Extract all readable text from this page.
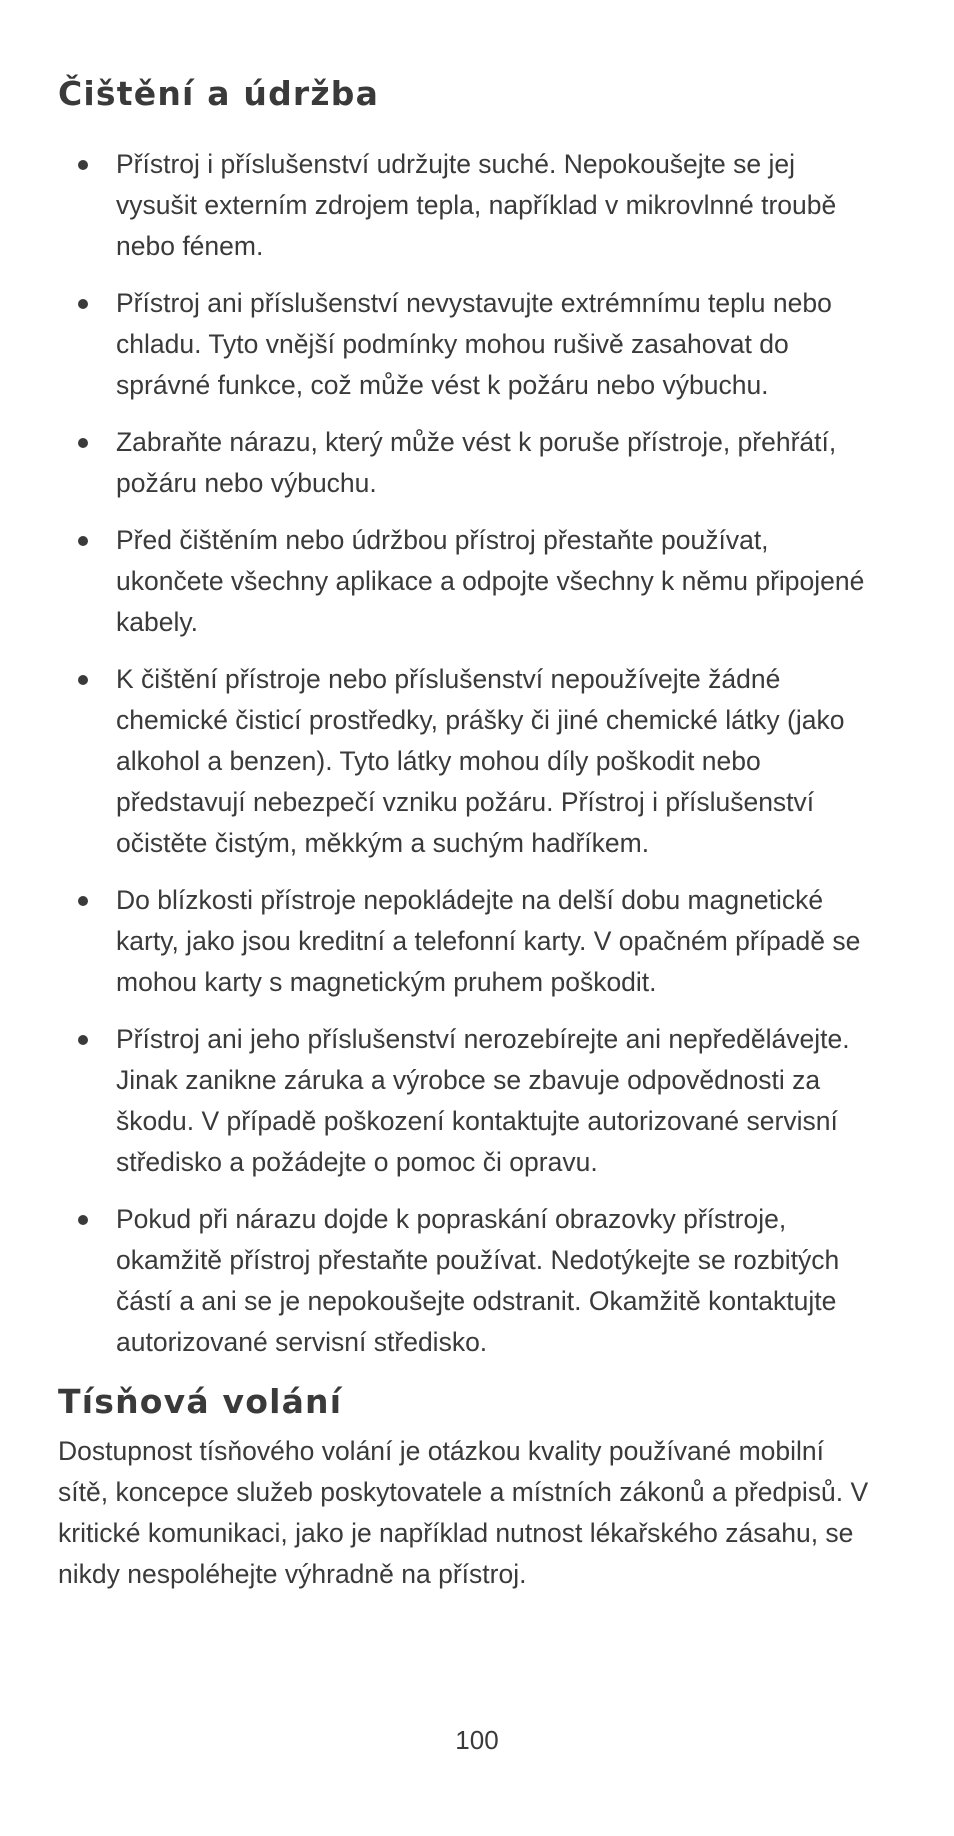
Čištění a údržba
Přístroj i příslušenství udržujte suché. Nepokoušejte se jej vysušit externím zdrojem tepla, například v mikrovlnné troubě nebo fénem.
Přístroj ani příslušenství nevystavujte extrémnímu teplu nebo chladu. Tyto vnější podmínky mohou rušivě zasahovat do správné funkce, což může vést k požáru nebo výbuchu.
Zabraňte nárazu, který může vést k poruše přístroje, přehřátí, požáru nebo výbuchu.
Před čištěním nebo údržbou přístroj přestaňte používat, ukončete všechny aplikace a odpojte všechny k němu připojené kabely.
K čištění přístroje nebo příslušenství nepoužívejte žádné chemické čisticí prostředky, prášky či jiné chemické látky (jako alkohol a benzen). Tyto látky mohou díly poškodit nebo představují nebezpečí vzniku požáru. Přístroj i příslušenství očistěte čistým, měkkým a suchým hadříkem.
Do blízkosti přístroje nepokládejte na delší dobu magnetické karty, jako jsou kreditní a telefonní karty. V opačném případě se mohou karty s magnetickým pruhem poškodit.
Přístroj ani jeho příslušenství nerozebírejte ani nepředělávejte. Jinak zanikne záruka a výrobce se zbavuje odpovědnosti za škodu. V případě poškození kontaktujte autorizované servisní středisko a požádejte o pomoc či opravu.
Pokud při nárazu dojde k popraskání obrazovky přístroje, okamžitě přístroj přestaňte používat. Nedotýkejte se rozbitých částí a ani se je nepokoušejte odstranit. Okamžitě kontaktujte autorizované servisní středisko.
Tísňová volání

Dostupnost tísňového volání je otázkou kvality používané mobilní sítě, koncepce služeb poskytovatele a místních zákonů a předpisů. V kritické komunikaci, jako je například nutnost lékařského zásahu, se nikdy nespoléhejte výhradně na přístroj.

100
